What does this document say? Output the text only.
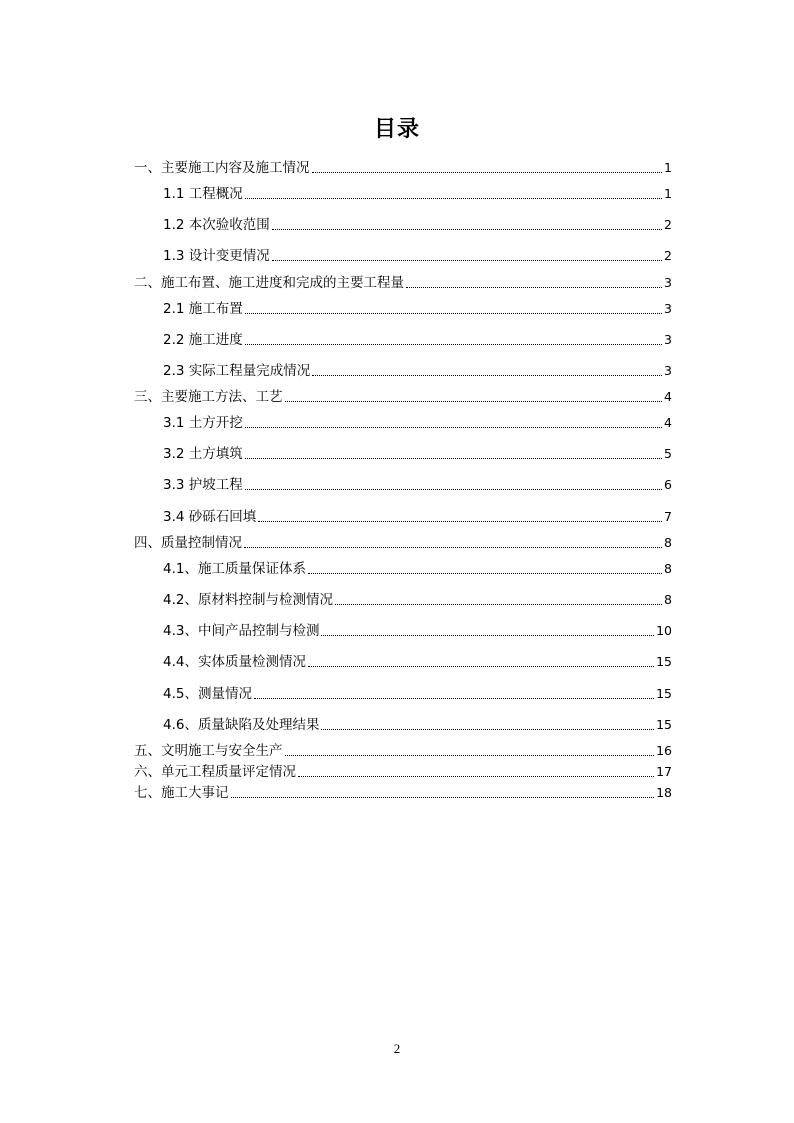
目录
一、主要施工内容及施工情况	1
1.1 工程概况	1
1.2 本次验收范围	2
1.3 设计变更情况	2
二、施工布置、施工进度和完成的主要工程量	3
2.1 施工布置	3
2.2 施工进度	3
2.3 实际工程量完成情况	3
三、主要施工方法、工艺	4
3.1 土方开挖	4
3.2 土方填筑	5
3.3 护坡工程	6
3.4 砂砾石回填	7
四、质量控制情况	8
4.1、施工质量保证体系	8
4.2、原材料控制与检测情况	8
4.3、中间产品控制与检测	10
4.4、实体质量检测情况	15
4.5、测量情况	15
4.6、质量缺陷及处理结果	15
五、文明施工与安全生产	16
六、单元工程质量评定情况	17
七、施工大事记	18
2
